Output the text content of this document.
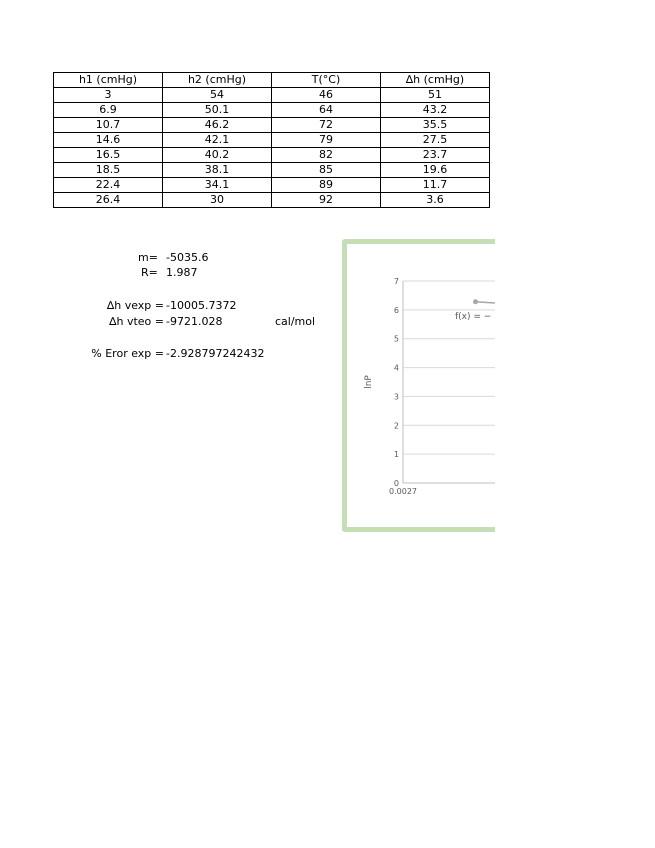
h1 (cmHg)	h2 (cmHg)	T(°C)	∆h (cmHg)
3	54	46	51
6.9	50.1	64	43.2
10.7	46.2	72	35.5
14.6	42.1	79	27.5
16.5	40.2	82	23.7
18.5	38.1	85	19.6
22.4	34.1	89	11.7
26.4	30	92	3.6
m= -5035.6
R= 1.987
∆h vexp = -10005.7372
∆h vteo = -9721.028	cal/mol
% Eror exp = -2.928797242432
0
1
2
3
4
5
6
7
0.0027	0.00275
lnP
f(x) = −
